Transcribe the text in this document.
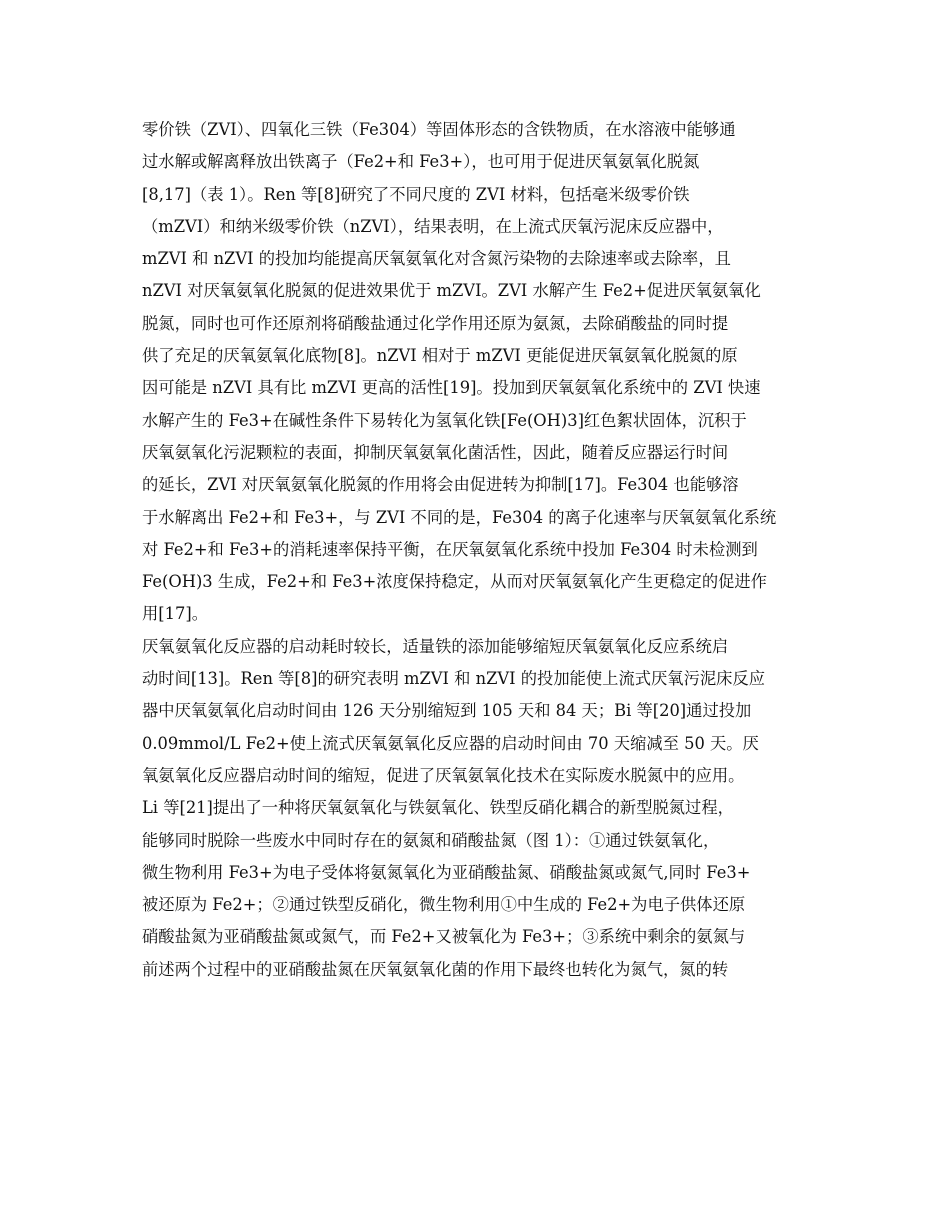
零价铁（ZVI）、四氧化三铁（Fe304）等固体形态的含铁物质，在水溶液中能够通
过水解或解离释放出铁离子（Fe2+和 Fe3+），也可用于促进厌氧氨氧化脱氮
[8,17]（表 1）。Ren 等[8]研究了不同尺度的 ZVI 材料，包括毫米级零价铁
（mZVI）和纳米级零价铁（nZVI），结果表明，在上流式厌氧污泥床反应器中，
mZVI 和 nZVI 的投加均能提高厌氧氨氧化对含氮污染物的去除速率或去除率，且
nZVI 对厌氧氨氧化脱氮的促进效果优于 mZVI。ZVI 水解产生 Fe2+促进厌氧氨氧化
脱氮，同时也可作还原剂将硝酸盐通过化学作用还原为氨氮，去除硝酸盐的同时提
供了充足的厌氧氨氧化底物[8]。nZVI 相对于 mZVI 更能促进厌氧氨氧化脱氮的原
因可能是 nZVI 具有比 mZVI 更高的活性[19]。投加到厌氧氨氧化系统中的 ZVI 快速
水解产生的 Fe3+在碱性条件下易转化为氢氧化铁[Fe(OH)3]红色絮状固体，沉积于
厌氧氨氧化污泥颗粒的表面，抑制厌氧氨氧化菌活性，因此，随着反应器运行时间
的延长，ZVI 对厌氧氨氧化脱氮的作用将会由促进转为抑制[17]。Fe304 也能够溶
于水解离出 Fe2+和 Fe3+，与 ZVI 不同的是，Fe304 的离子化速率与厌氧氨氧化系统
对 Fe2+和 Fe3+的消耗速率保持平衡，在厌氧氨氧化系统中投加 Fe304 时未检测到
Fe(OH)3 生成，Fe2+和 Fe3+浓度保持稳定，从而对厌氧氨氧化产生更稳定的促进作
用[17]。
厌氧氨氧化反应器的启动耗时较长，适量铁的添加能够缩短厌氧氨氧化反应系统启
动时间[13]。Ren 等[8]的研究表明 mZVI 和 nZVI 的投加能使上流式厌氧污泥床反应
器中厌氧氨氧化启动时间由 126 天分别缩短到 105 天和 84 天；Bi 等[20]通过投加
0.09mmol/L Fe2+使上流式厌氧氨氧化反应器的启动时间由 70 天缩减至 50 天。厌
氧氨氧化反应器启动时间的缩短，促进了厌氧氨氧化技术在实际废水脱氮中的应用。
Li 等[21]提出了一种将厌氧氨氧化与铁氨氧化、铁型反硝化耦合的新型脱氮过程，
能够同时脱除一些废水中同时存在的氨氮和硝酸盐氮（图 1）：①通过铁氨氧化，
微生物利用 Fe3+为电子受体将氨氮氧化为亚硝酸盐氮、硝酸盐氮或氮气,同时 Fe3+
被还原为 Fe2+；②通过铁型反硝化，微生物利用①中生成的 Fe2+为电子供体还原
硝酸盐氮为亚硝酸盐氮或氮气，而 Fe2+又被氧化为 Fe3+；③系统中剩余的氨氮与
前述两个过程中的亚硝酸盐氮在厌氧氨氧化菌的作用下最终也转化为氮气，氮的转
